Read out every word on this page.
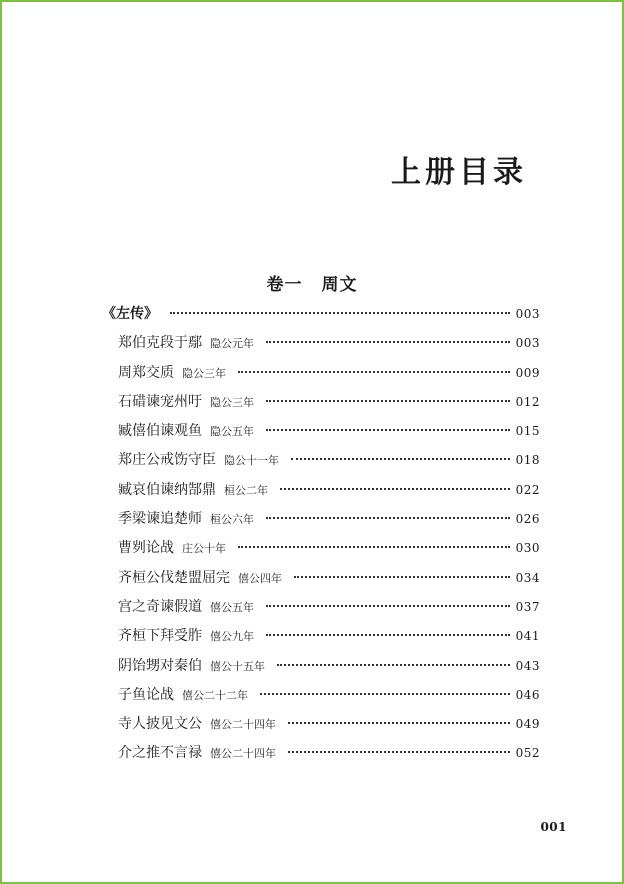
上册目录
卷一 周文
《左传》	003
郑伯克段于鄢 隐公元年	003
周郑交质 隐公三年	009
石碏谏宠州吁 隐公三年	012
臧僖伯谏观鱼 隐公五年	015
郑庄公戒饬守臣 隐公十一年	018
臧哀伯谏纳郜鼎 桓公二年	022
季梁谏追楚师 桓公六年	026
曹刿论战 庄公十年	030
齐桓公伐楚盟屈完 僖公四年	034
宫之奇谏假道 僖公五年	037
齐桓下拜受胙 僖公九年	041
阴饴甥对秦伯 僖公十五年	043
子鱼论战 僖公二十二年	046
寺人披见文公 僖公二十四年	049
介之推不言禄 僖公二十四年	052
001
